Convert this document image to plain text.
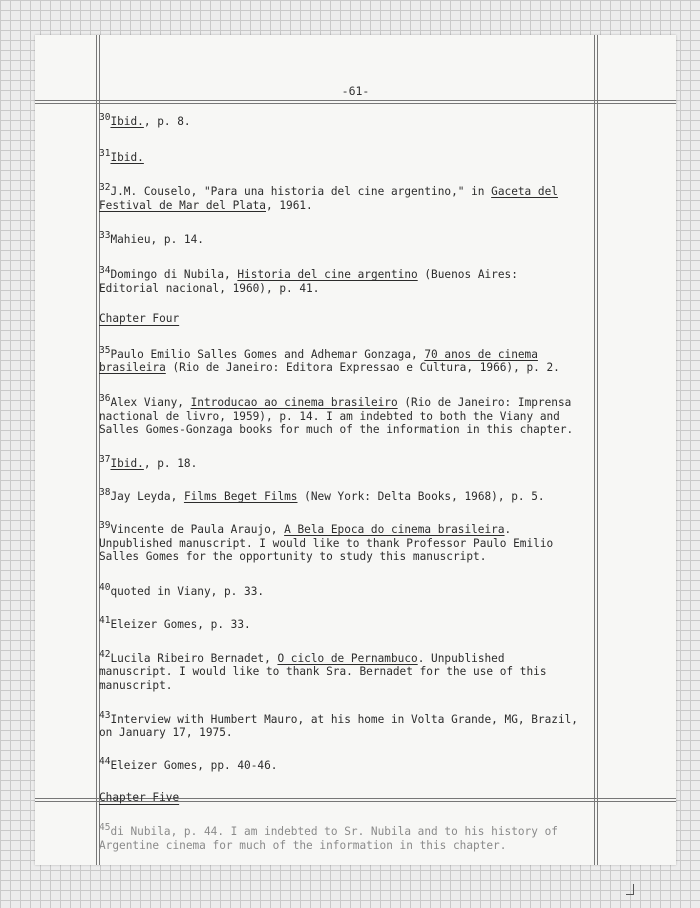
-61-

$^{30}$Ibid., p. 8.

$^{31}$Ibid.

$^{32}$J.M. Couselo, "Para una historia del cine argentino," in Gaceta del Festival de Mar del Plata, 1961.

$^{33}$Mahieu, p. 14.

$^{34}$Domingo di Nubila, Historia del cine argentino (Buenos Aires: Editorial nacional, 1960), p. 41.

Chapter Four

$^{35}$Paulo Emilio Salles Gomes and Adhemar Gonzaga, 70 anos de cinema brasileira (Rio de Janeiro: Editora Expressao e Cultura, 1966), p. 2.

$^{36}$Alex Viany, Introducao ao cinema brasileiro (Rio de Janeiro: Imprensa nactional de livro, 1959), p. 14. I am indebted to both the Viany and Salles Gomes-Gonzaga books for much of the information in this chapter.

$^{37}$Ibid., p. 18.

$^{38}$Jay Leyda, Films Beget Films (New York: Delta Books, 1968), p. 5.

$^{39}$Vincente de Paula Araujo, A Bela Epoca do cinema brasileira. Unpublished manuscript. I would like to thank Professor Paulo Emilio Salles Gomes for the opportunity to study this manuscript.

$^{40}$quoted in Viany, p. 33.

$^{41}$Eleizer Gomes, p. 33.

$^{42}$Lucila Ribeiro Bernadet, O ciclo de Pernambuco. Unpublished manuscript. I would like to thank Sra. Bernadet for the use of this manuscript.

$^{43}$Interview with Humbert Mauro, at his home in Volta Grande, MG, Brazil, on January 17, 1975.

$^{44}$Eleizer Gomes, pp. 40-46.

Chapter Five

$^{45}$di Nubila, p. 44. I am indebted to Sr. Nubila and to his history of Argentine cinema for much of the information in this chapter.
